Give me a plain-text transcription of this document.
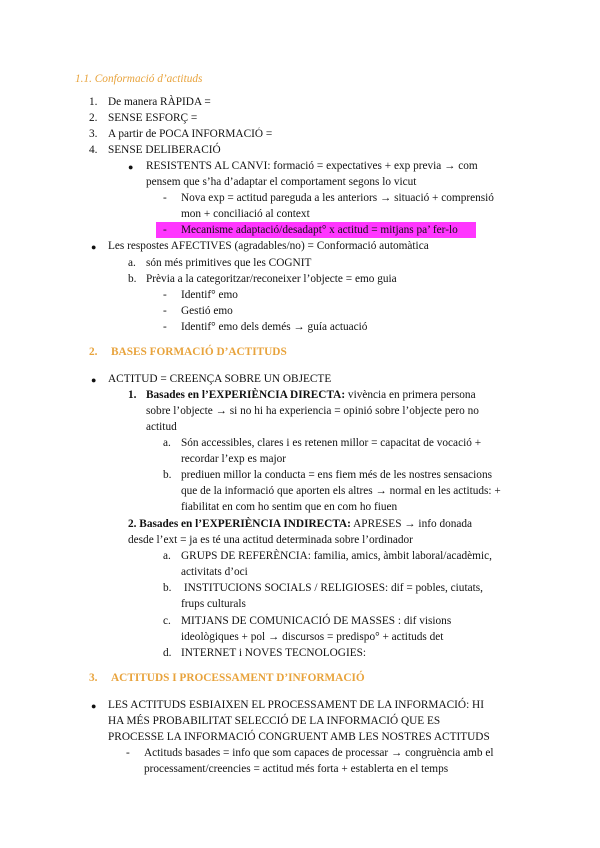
1.1. Conformació d’actituds
1. De manera RÀPIDA =
2. SENSE ESFORÇ =
3. A partir de POCA INFORMACIÓ =
4. SENSE DELIBERACIÓ
● RESISTENTS AL CANVI: formació = expectatives + exp previa → com
pensem que s’ha d’adaptar el comportament segons lo vicut
- Nova exp = actitud pareguda a les anteriors → situació + comprensió
mon + conciliació al context
- Mecanisme adaptació/desadapt° x actitud = mitjans pa’ fer-lo
● Les respostes AFECTIVES (agradables/no) = Conformació automàtica
a. són més primitives que les COGNIT
b. Prèvia a la categoritzar/reconeixer l’objecte = emo guia
- Identif° emo
- Gestió emo
- Identif° emo dels demés → guía actuació
2. BASES FORMACIÓ D’ACTITUDS
● ACTITUD = CREENÇA SOBRE UN OBJECTE
1. Basades en l’EXPERIÈNCIA DIRECTA: vivència en primera persona
sobre l’objecte → si no hi ha experiencia = opinió sobre l’objecte pero no
actitud
a. Són accessibles, clares i es retenen millor = capacitat de vocació +
recordar l’exp es major
b. prediuen millor la conducta = ens fiem més de les nostres sensacions
que de la informació que aporten els altres → normal en les actituds: +
fiabilitat en com ho sentim que en com ho fiuen
2. Basades en l’EXPERIÈNCIA INDIRECTA: APRESES → info donada
desde l’ext = ja es té una actitud determinada sobre l’ordinador
a. GRUPS DE REFERÈNCIA: familia, amics, àmbit laboral/acadèmic,
activitats d’oci
b. INSTITUCIONS SOCIALS / RELIGIOSES: dif = pobles, ciutats,
frups culturals
c. MITJANS DE COMUNICACIÓ DE MASSES : dif visions
ideològiques + pol → discursos = predispo° + actituds det
d. INTERNET i NOVES TECNOLOGIES:
3. ACTITUDS I PROCESSAMENT D’INFORMACIÓ
● LES ACTITUDS ESBIAIXEN EL PROCESSAMENT DE LA INFORMACIÓ: HI
HA MÉS PROBABILITAT SELECCIÓ DE LA INFORMACIÓ QUE ES
PROCESSE LA INFORMACIÓ CONGRUENT AMB LES NOSTRES ACTITUDS
- Actituds basades = info que som capaces de processar → congruència amb el
processament/creencies = actitud més forta + establerta en el temps
